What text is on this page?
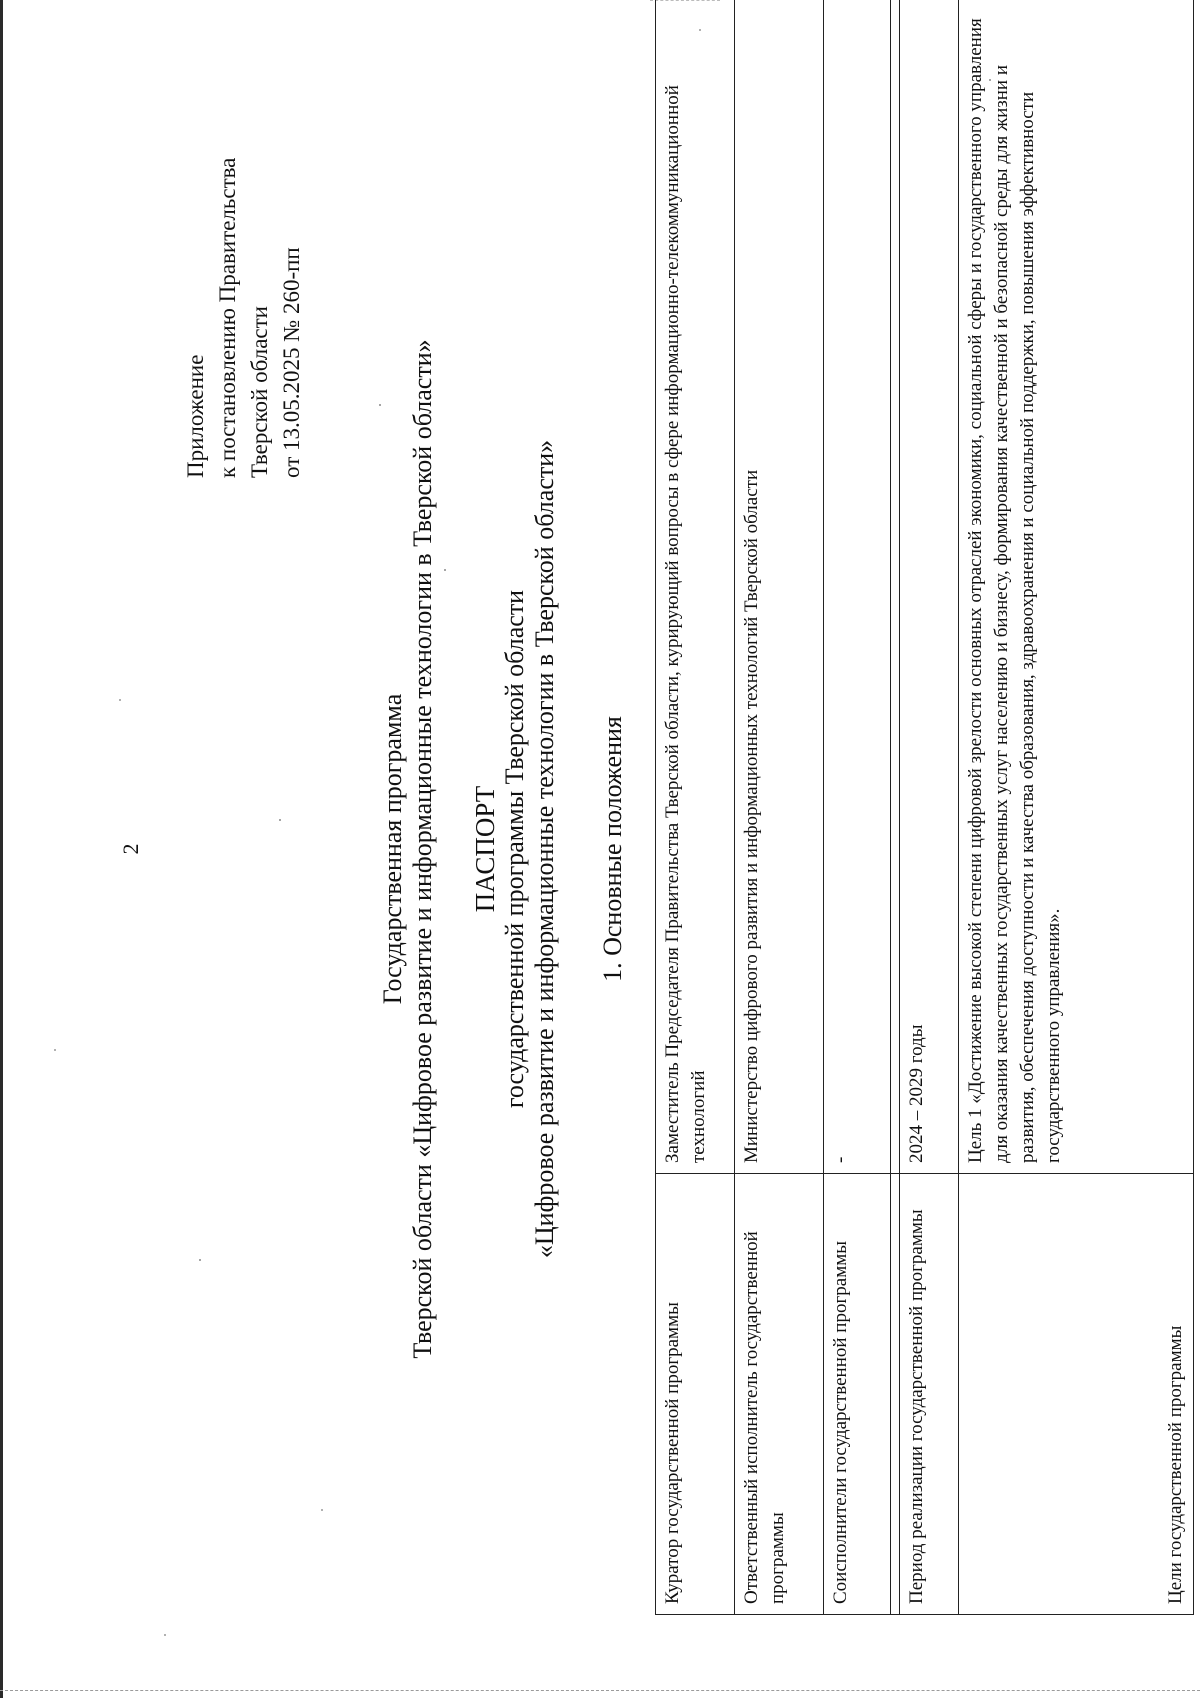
2
Приложение к постановлению Правительства Тверской области от 13.05.2025 № 260-пп
Государственная программа Тверской области «Цифровое развитие и информационные технологии в Тверской области» ПАСПОРТ государственной программы Тверской области «Цифровое развитие и информационные технологии в Тверской области» 1. Основные положения
Куратор государственной программы	Заместитель Председателя Правительства Тверской области, курирующий вопросы в сфере информационно-телекоммуникационной технологий
Ответственный исполнитель государственной программы	Министерство цифрового развития и информационных технологий Тверской области
Соисполнители государственной программы	-

Период реализации государственной программы	2024 – 2029 годы
Цели государственной программы	Цель 1 «Достижение высокой степени цифровой зрелости основных отраслей экономики, социальной сферы и государственного управления для оказания качественных государственных услуг населению и бизнесу, формирования качественной и безопасной среды для жизни и развития, обеспечения доступности и качества образования, здравоохранения и социальной поддержки, повышения эффективности государственного управления».
